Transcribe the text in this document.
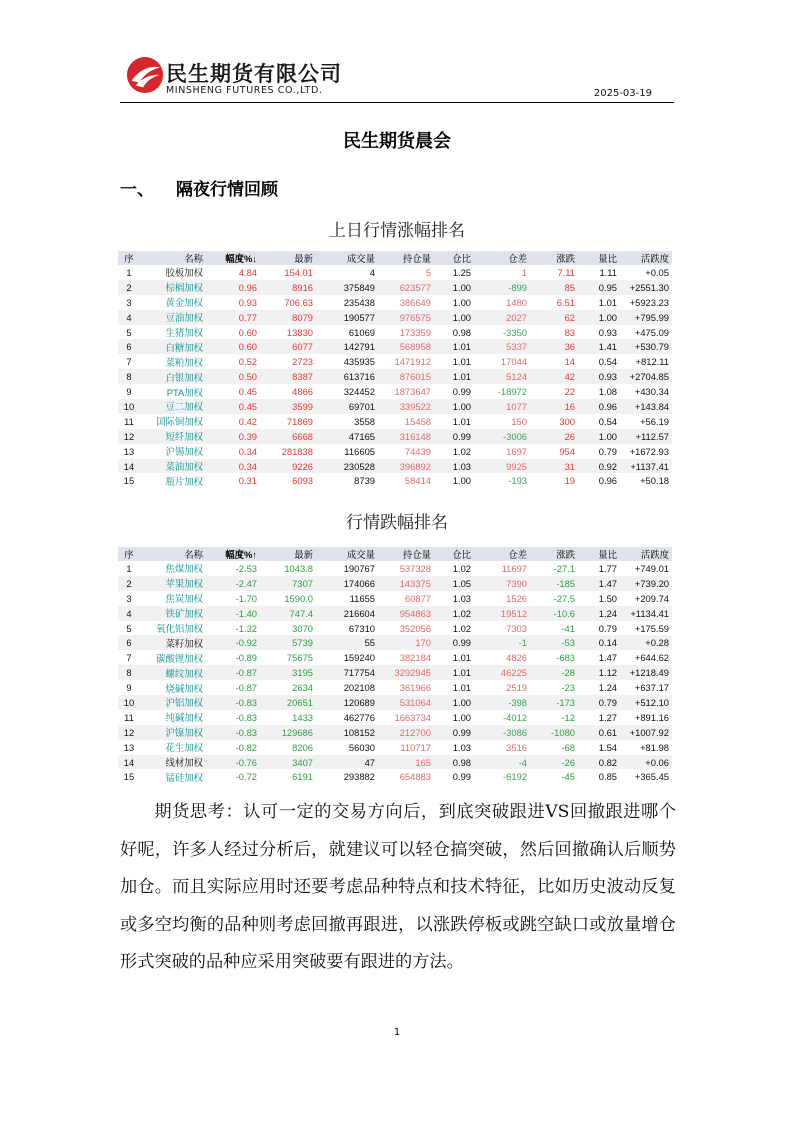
民生期货有限公司
MINSHENG FUTURES CO.,LTD.	2025-03-19
民生期货晨会
一、 隔夜行情回顾
上日行情涨幅排名
序	名称	幅度%↓	最新	成交量	持仓量	仓比	仓差	涨跌	量比	活跌度
1	胶板加权	4.84	154.01	4	5	1.25	1	7.11	1.11	+0.05
2	棕榈加权	0.96	8916	375849	623577	1.00	-899	85	0.95	+2551.30
3	黄金加权	0.93	706.63	235438	386649	1.00	1480	6.51	1.01	+5923.23
4	豆油加权	0.77	8079	190577	976575	1.00	2027	62	1.00	+795.99
5	生猪加权	0.60	13830	61069	173359	0.98	-3350	83	0.93	+475.09
6	白糖加权	0.60	6077	142791	568958	1.01	5337	36	1.41	+530.79
7	菜粕加权	0.52	2723	435935	1471912	1.01	17044	14	0.54	+812.11
8	白银加权	0.50	8387	613716	876015	1.01	5124	42	0.93	+2704.85
9	PTA加权	0.45	4866	324452	1873647	0.99	-18972	22	1.08	+430.34
10	豆二加权	0.45	3599	69701	339522	1.00	1077	16	0.96	+143.84
11	国际铜加权	0.42	71869	3558	15458	1.01	150	300	0.54	+56.19
12	短纤加权	0.39	6668	47165	316148	0.99	-3006	26	1.00	+112.57
13	沪锡加权	0.34	281838	116605	74439	1.02	1697	954	0.79	+1672.93
14	菜油加权	0.34	9226	230528	396892	1.03	9925	31	0.92	+1137.41
15	瓶片加权	0.31	6093	8739	58414	1.00	-193	19	0.96	+50.18
行情跌幅排名
序	名称	幅度%↑	最新	成交量	持仓量	仓比	仓差	涨跌	量比	活跌度
1	焦煤加权	-2.53	1043.8	190767	537328	1.02	11697	-27.1	1.77	+749.01
2	苹果加权	-2.47	7307	174066	143375	1.05	7390	-185	1.47	+739.20
3	焦炭加权	-1.70	1590.0	11655	60877	1.03	1526	-27.5	1.50	+209.74
4	铁矿加权	-1.40	747.4	216604	954863	1.02	19512	-10.6	1.24	+1134.41
5	氧化铝加权	-1.32	3070	67310	352056	1.02	7303	-41	0.79	+175.59
6	菜籽加权	-0.92	5739	55	170	0.99	-1	-53	0.14	+0.28
7	碳酸锂加权	-0.89	75675	159240	382184	1.01	4826	-683	1.47	+644.62
8	螺纹加权	-0.87	3195	717754	3292945	1.01	46225	-28	1.12	+1218.49
9	烧碱加权	-0.87	2634	202108	361966	1.01	2519	-23	1.24	+637.17
10	沪铝加权	-0.83	20651	120689	531064	1.00	-398	-173	0.79	+512.10
11	纯碱加权	-0.83	1433	462776	1663734	1.00	-4012	-12	1.27	+891.16
12	沪镍加权	-0.83	129686	108152	212700	0.99	-3086	-1080	0.61	+1007.92
13	花生加权	-0.82	8206	56030	110717	1.03	3516	-68	1.54	+81.98
14	线材加权	-0.76	3407	47	165	0.98	-4	-26	0.82	+0.06
15	锰硅加权	-0.72	6191	293882	654883	0.99	-6192	-45	0.85	+365.45
期货思考：认可一定的交易方向后，到底突破跟进VS回撤跟进哪个好呢，许多人经过分析后，就建议可以轻仓搞突破，然后回撤确认后顺势加仓。而且实际应用时还要考虑品种特点和技术特征，比如历史波动反复或多空均衡的品种则考虑回撤再跟进，以涨跌停板或跳空缺口或放量增仓形式突破的品种应采用突破要有跟进的方法。
1
